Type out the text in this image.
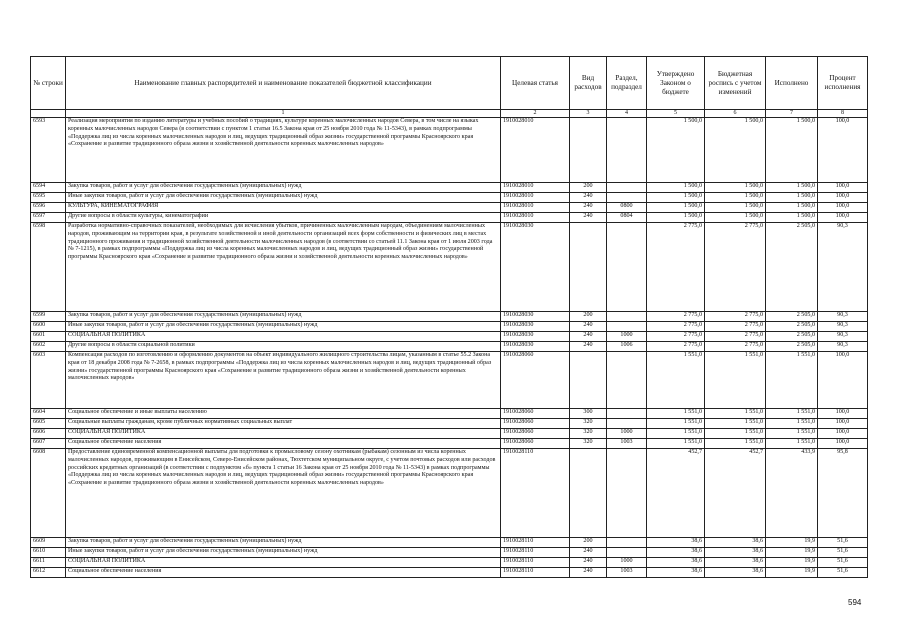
№ строки	Наименование главных распорядителей и наименование показателей бюджетной классификации	Целевая статья	Вид расходов	Раздел, подраздел	Утверждено Законом о бюджете	Бюджетная роспись с учетом изменений	Исполнено	Процент исполнения
	1	2	3	4	5	6	7	8
6593	Реализация мероприятия по изданию литературы и учебных пособий о традициях, культуре коренных малочисленных народов Севера, в том числе на языках коренных малочисленных народов Севера (в соответствии с пунктом 1 статьи 16.5 Закона края от 25 ноября 2010 года № 11-5343), в рамках подпрограммы «Поддержка лиц из числа коренных малочисленных народов и лиц, ведущих традиционный образ жизни» государственной программы Красноярского края «Сохранение и развитие традиционного образа жизни и хозяйственной деятельности коренных малочисленных народов»	1910028010			1 500,0	1 500,0	1 500,0	100,0
6594	Закупка товаров, работ и услуг для обеспечения государственных (муниципальных) нужд	1910028010	200		1 500,0	1 500,0	1 500,0	100,0
6595	Иные закупки товаров, работ и услуг для обеспечения государственных (муниципальных) нужд	1910028010	240		1 500,0	1 500,0	1 500,0	100,0
6596	КУЛЬТУРА, КИНЕМАТОГРАФИЯ	1910028010	240	0800	1 500,0	1 500,0	1 500,0	100,0
6597	Другие вопросы в области культуры, кинематографии	1910028010	240	0804	1 500,0	1 500,0	1 500,0	100,0
6598	Разработка нормативно-справочных показателей, необходимых для исчисления убытков, причиненных малочисленным народам, объединениям малочисленных народов, проживающим на территории края, в результате хозяйственной и иной деятельности организаций всех форм собственности и физических лиц в местах традиционного проживания и традиционной хозяйственной деятельности малочисленных народов (в соответствии со статьей 11.1 Закона края от 1 июля 2003 года № 7-1215), в рамках подпрограммы «Поддержка лиц из числа коренных малочисленных народов и лиц, ведущих традиционный образ жизни» государственной программы Красноярского края «Сохранение и развитие традиционного образа жизни и хозяйственной деятельности коренных малочисленных народов»	1910028030			2 775,0	2 775,0	2 505,0	90,3
6599	Закупка товаров, работ и услуг для обеспечения государственных (муниципальных) нужд	1910028030	200		2 775,0	2 775,0	2 505,0	90,3
6600	Иные закупки товаров, работ и услуг для обеспечения государственных (муниципальных) нужд	1910028030	240		2 775,0	2 775,0	2 505,0	90,3
6601	СОЦИАЛЬНАЯ ПОЛИТИКА	1910028030	240	1000	2 775,0	2 775,0	2 505,0	90,3
6602	Другие вопросы в области социальной политики	1910028030	240	1006	2 775,0	2 775,0	2 505,0	90,3
6603	Компенсация расходов по изготовлению и оформлению документов на объект индивидуального жилищного строительства лицам, указанным в статье 55.2 Закона края от 18 декабря 2008 года № 7-2658, в рамках подпрограммы «Поддержка лиц из числа коренных малочисленных народов и лиц, ведущих традиционный образ жизни» государственной программы Красноярского края «Сохранение и развитие традиционного образа жизни и хозяйственной деятельности коренных малочисленных народов»	1910028060			1 551,0	1 551,0	1 551,0	100,0
6604	Социальное обеспечение и иные выплаты населению	1910028060	300		1 551,0	1 551,0	1 551,0	100,0
6605	Социальные выплаты гражданам, кроме публичных нормативных социальных выплат	1910028060	320		1 551,0	1 551,0	1 551,0	100,0
6606	СОЦИАЛЬНАЯ ПОЛИТИКА	1910028060	320	1000	1 551,0	1 551,0	1 551,0	100,0
6607	Социальное обеспечение населения	1910028060	320	1003	1 551,0	1 551,0	1 551,0	100,0
6608	Предоставление единовременной компенсационной выплаты для подготовки к промысловому сезону охотникам (рыбакам) сезонным из числа коренных малочисленных народов, проживающим в Енисейском, Северо-Енисейском районах, Тюхтетском муниципальном округе, с учетом почтовых расходов или расходов российских кредитных организаций (в соответствии с подпунктом «б» пункта 1 статьи 16 Закона края от 25 ноября 2010 года № 11-5343) в рамках подпрограммы «Поддержка лиц из числа коренных малочисленных народов и лиц, ведущих традиционный образ жизни» государственной программы Красноярского края «Сохранение и развитие традиционного образа жизни и хозяйственной деятельности коренных малочисленных народов»	1910028110			452,7	452,7	433,9	95,8
6609	Закупка товаров, работ и услуг для обеспечения государственных (муниципальных) нужд	1910028110	200		38,6	38,6	19,9	51,6
6610	Иные закупки товаров, работ и услуг для обеспечения государственных (муниципальных) нужд	1910028110	240		38,6	38,6	19,9	51,6
6611	СОЦИАЛЬНАЯ ПОЛИТИКА	1910028110	240	1000	38,6	38,6	19,9	51,6
6612	Социальное обеспечение населения	1910028110	240	1003	38,6	38,6	19,9	51,6
594
